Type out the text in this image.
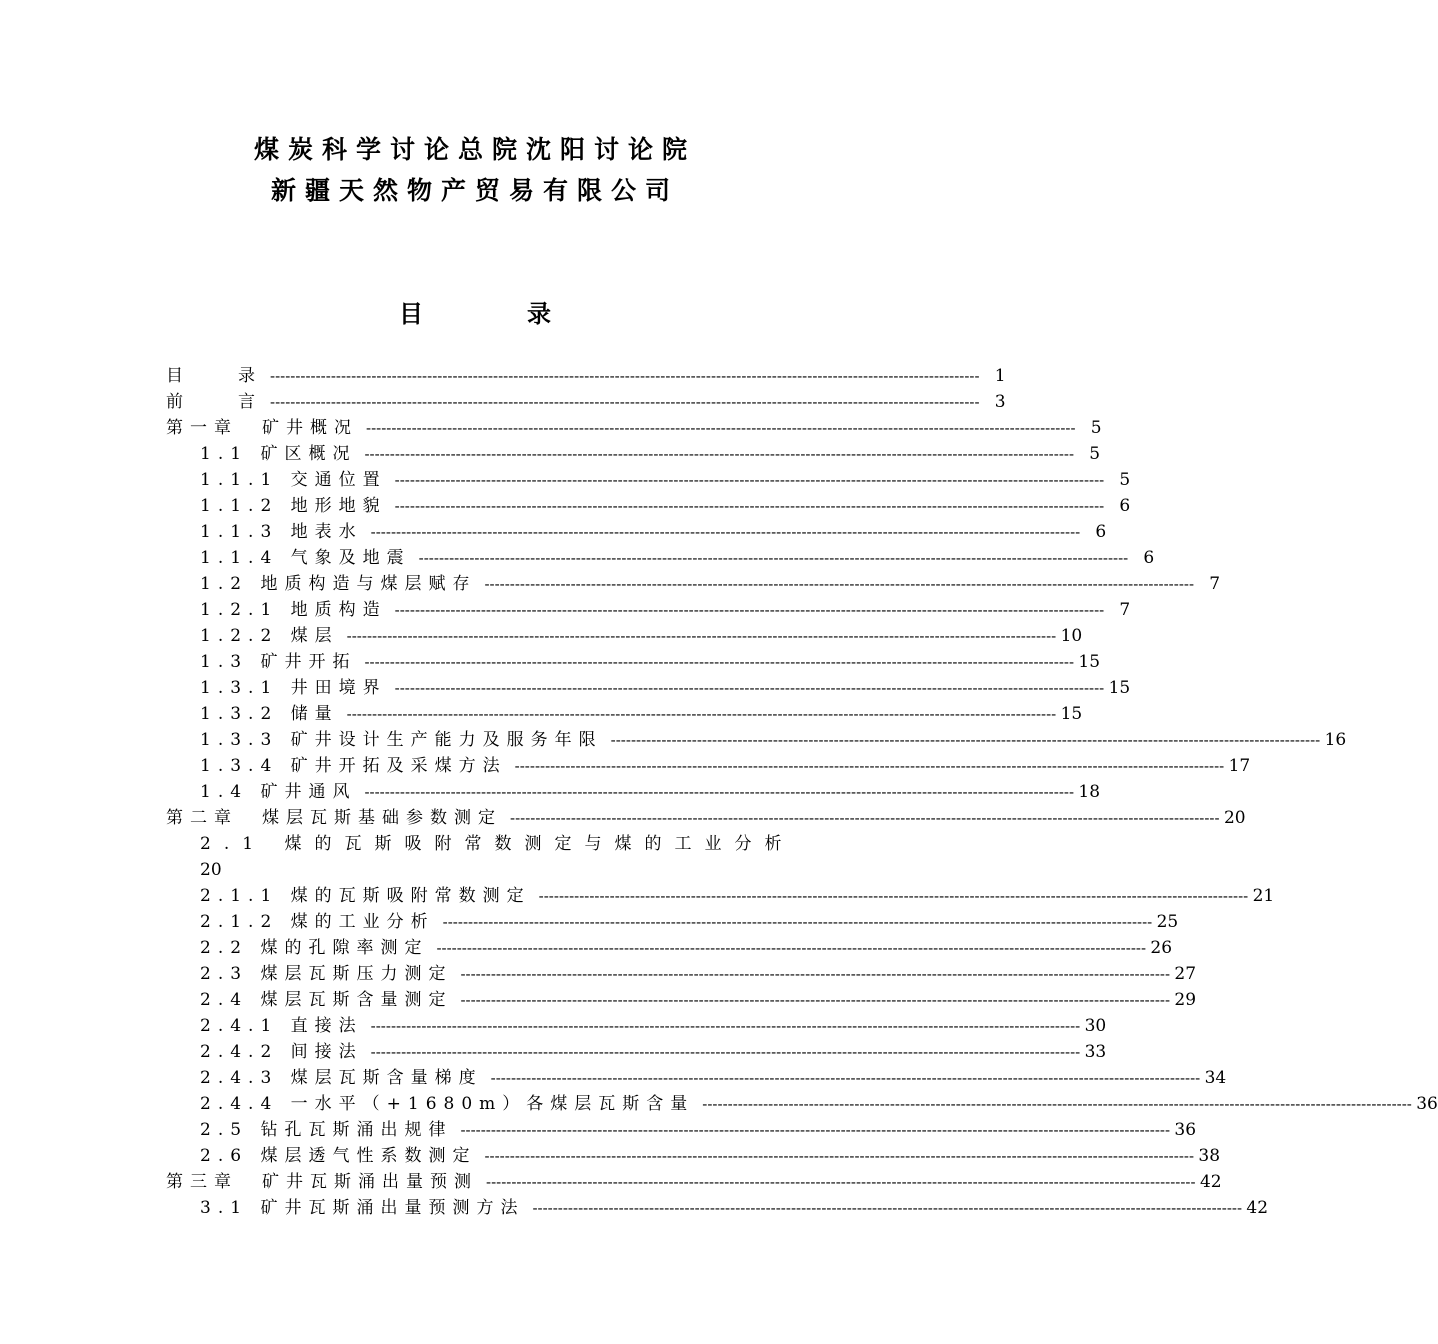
煤炭科学讨论总院沈阳讨论院
新疆天然物产贸易有限公司
目　录
目　　录 -------------------------------------------------------------------------------------------------------------------------------------------- 1
前　　言 -------------------------------------------------------------------------------------------------------------------------------------------- 3
第一章　矿井概况 -------------------------------------------------------------------------------------------------------------------------------------------- 5
1.1 矿区概况 -------------------------------------------------------------------------------------------------------------------------------------------- 5
1.1.1 交通位置 -------------------------------------------------------------------------------------------------------------------------------------------- 5
1.1.2 地形地貌 -------------------------------------------------------------------------------------------------------------------------------------------- 6
1.1.3 地表水 -------------------------------------------------------------------------------------------------------------------------------------------- 6
1.1.4 气象及地震 -------------------------------------------------------------------------------------------------------------------------------------------- 6
1.2 地质构造与煤层赋存 -------------------------------------------------------------------------------------------------------------------------------------------- 7
1.2.1 地质构造 -------------------------------------------------------------------------------------------------------------------------------------------- 7
1.2.2 煤层 -------------------------------------------------------------------------------------------------------------------------------------------- 10
1.3 矿井开拓 -------------------------------------------------------------------------------------------------------------------------------------------- 15
1.3.1 井田境界 -------------------------------------------------------------------------------------------------------------------------------------------- 15
1.3.2 储量 -------------------------------------------------------------------------------------------------------------------------------------------- 15
1.3.3 矿井设计生产能力及服务年限 -------------------------------------------------------------------------------------------------------------------------------------------- 16
1.3.4 矿井开拓及采煤方法 -------------------------------------------------------------------------------------------------------------------------------------------- 17
1.4 矿井通风 -------------------------------------------------------------------------------------------------------------------------------------------- 18
第二章　煤层瓦斯基础参数测定 -------------------------------------------------------------------------------------------------------------------------------------------- 20
2.1 煤的瓦斯吸附常数测定与煤的工业分析
20
2.1.1 煤的瓦斯吸附常数测定 -------------------------------------------------------------------------------------------------------------------------------------------- 21
2.1.2 煤的工业分析 -------------------------------------------------------------------------------------------------------------------------------------------- 25
2.2 煤的孔隙率测定 -------------------------------------------------------------------------------------------------------------------------------------------- 26
2.3 煤层瓦斯压力测定 -------------------------------------------------------------------------------------------------------------------------------------------- 27
2.4 煤层瓦斯含量测定 -------------------------------------------------------------------------------------------------------------------------------------------- 29
2.4.1 直接法 -------------------------------------------------------------------------------------------------------------------------------------------- 30
2.4.2 间接法 -------------------------------------------------------------------------------------------------------------------------------------------- 33
2.4.3 煤层瓦斯含量梯度 -------------------------------------------------------------------------------------------------------------------------------------------- 34
2.4.4 一水平（+1680m）各煤层瓦斯含量 -------------------------------------------------------------------------------------------------------------------------------------------- 36
2.5 钻孔瓦斯涌出规律 -------------------------------------------------------------------------------------------------------------------------------------------- 36
2.6 煤层透气性系数测定 -------------------------------------------------------------------------------------------------------------------------------------------- 38
第三章　矿井瓦斯涌出量预测 -------------------------------------------------------------------------------------------------------------------------------------------- 42
3.1 矿井瓦斯涌出量预测方法 -------------------------------------------------------------------------------------------------------------------------------------------- 42
